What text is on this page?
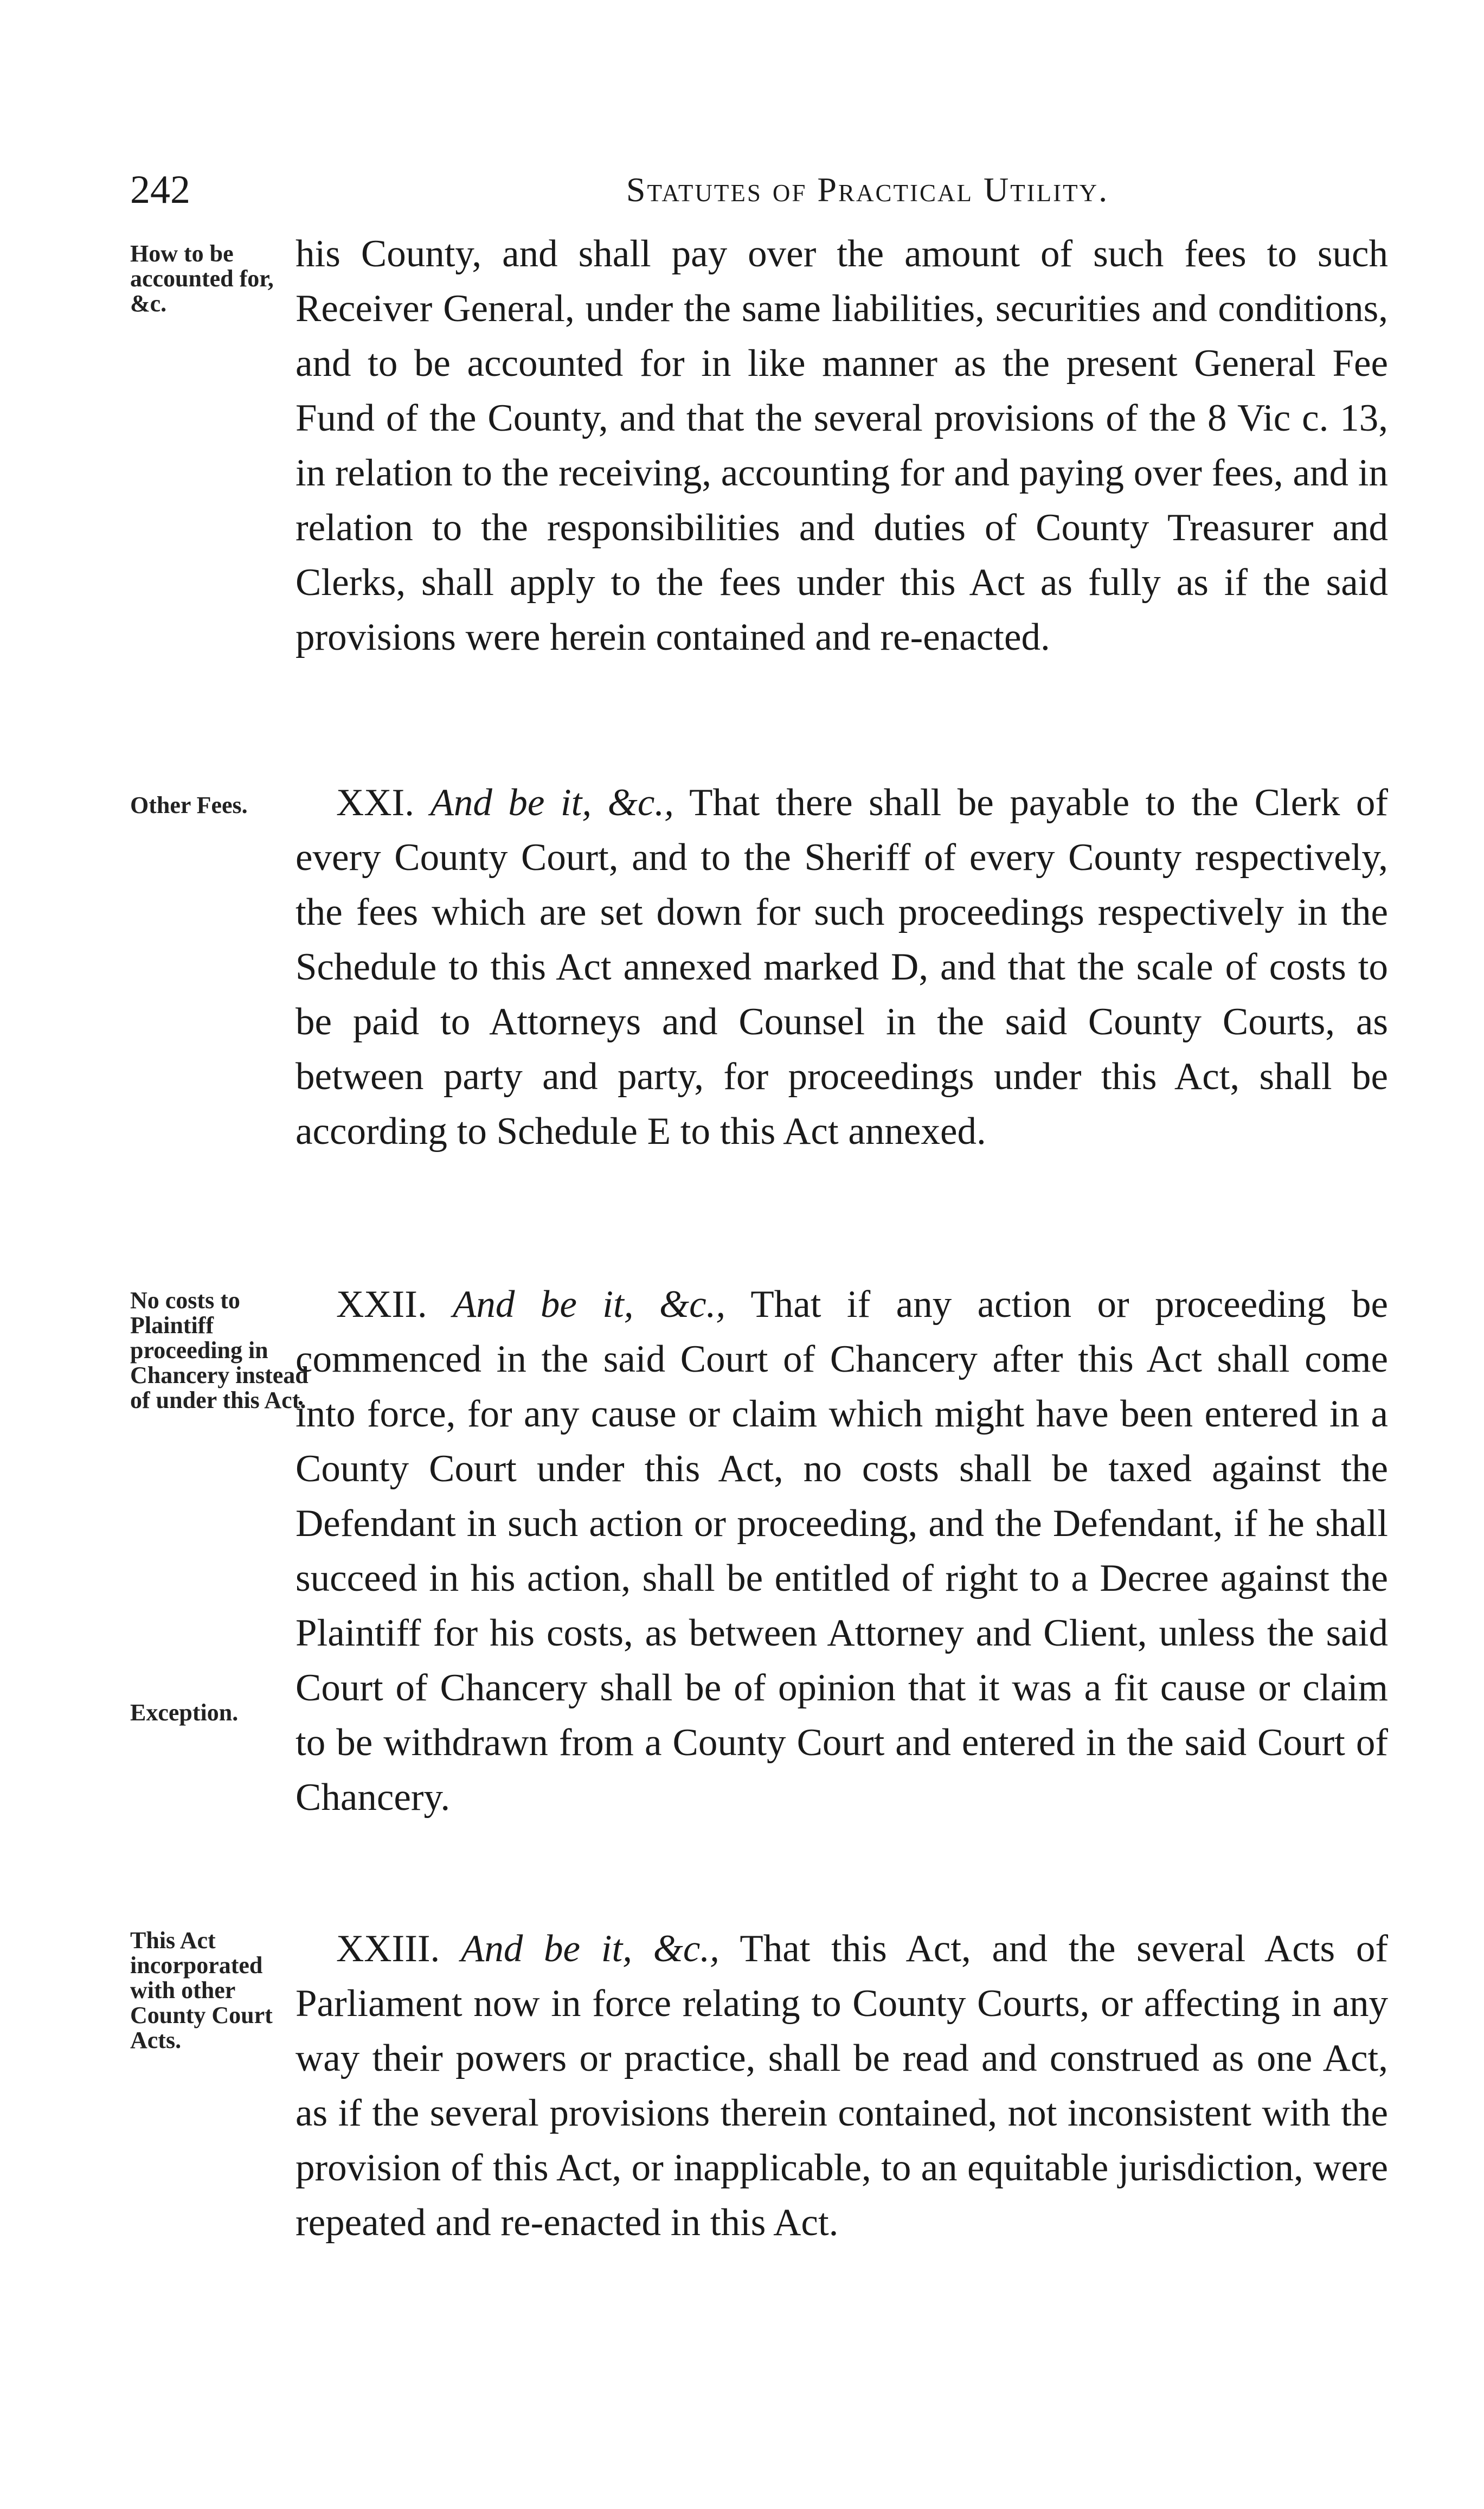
242	Statutes of Practical Utility.
How to be accounted for, &c.
his County, and shall pay over the amount of such fees to such Receiver General, under the same liabilities, securities and conditions, and to be accounted for in like manner as the present General Fee Fund of the County, and that the several provisions of the 8 Vic c. 13, in relation to the receiving, accounting for and paying over fees, and in relation to the responsibilities and duties of County Treasurer and Clerks, shall apply to the fees under this Act as fully as if the said provisions were herein contained and re-enacted.
Other Fees.	XXI. And be it, &c., That there shall be payable to the Clerk of every County Court, and to the Sheriff of every County respectively, the fees which are set down for such proceedings respectively in the Schedule to this Act annexed marked D, and that the scale of costs to be paid to Attorneys and Counsel in the said County Courts, as between party and party, for proceedings under this Act, shall be according to Schedule E to this Act annexed.
No costs to Plaintiff proceeding in Chancery instead of under this Act.
XXII. And be it, &c., That if any action or proceeding be commenced in the said Court of Chancery after this Act shall come into force, for any cause or claim which might have been entered in a County Court under this Act, no costs shall be taxed against the Defendant in such action or proceeding, and the Defendant, if he shall succeed in his action, shall be entitled of right to a Decree against the Plaintiff for his costs, as between Attorney and Client, unless the said Court of Chancery shall be of opinion that it was a fit cause or claim to be withdrawn from a County Court and entered in the said Court of Chancery.
Exception.
This Act incorporated with other County Court Acts.
XXIII. And be it, &c., That this Act, and the several Acts of Parliament now in force relating to County Courts, or affecting in any way their powers or practice, shall be read and construed as one Act, as if the several provisions therein contained, not inconsistent with the provision of this Act, or inapplicable, to an equitable jurisdiction, were repeated and re-enacted in this Act.
